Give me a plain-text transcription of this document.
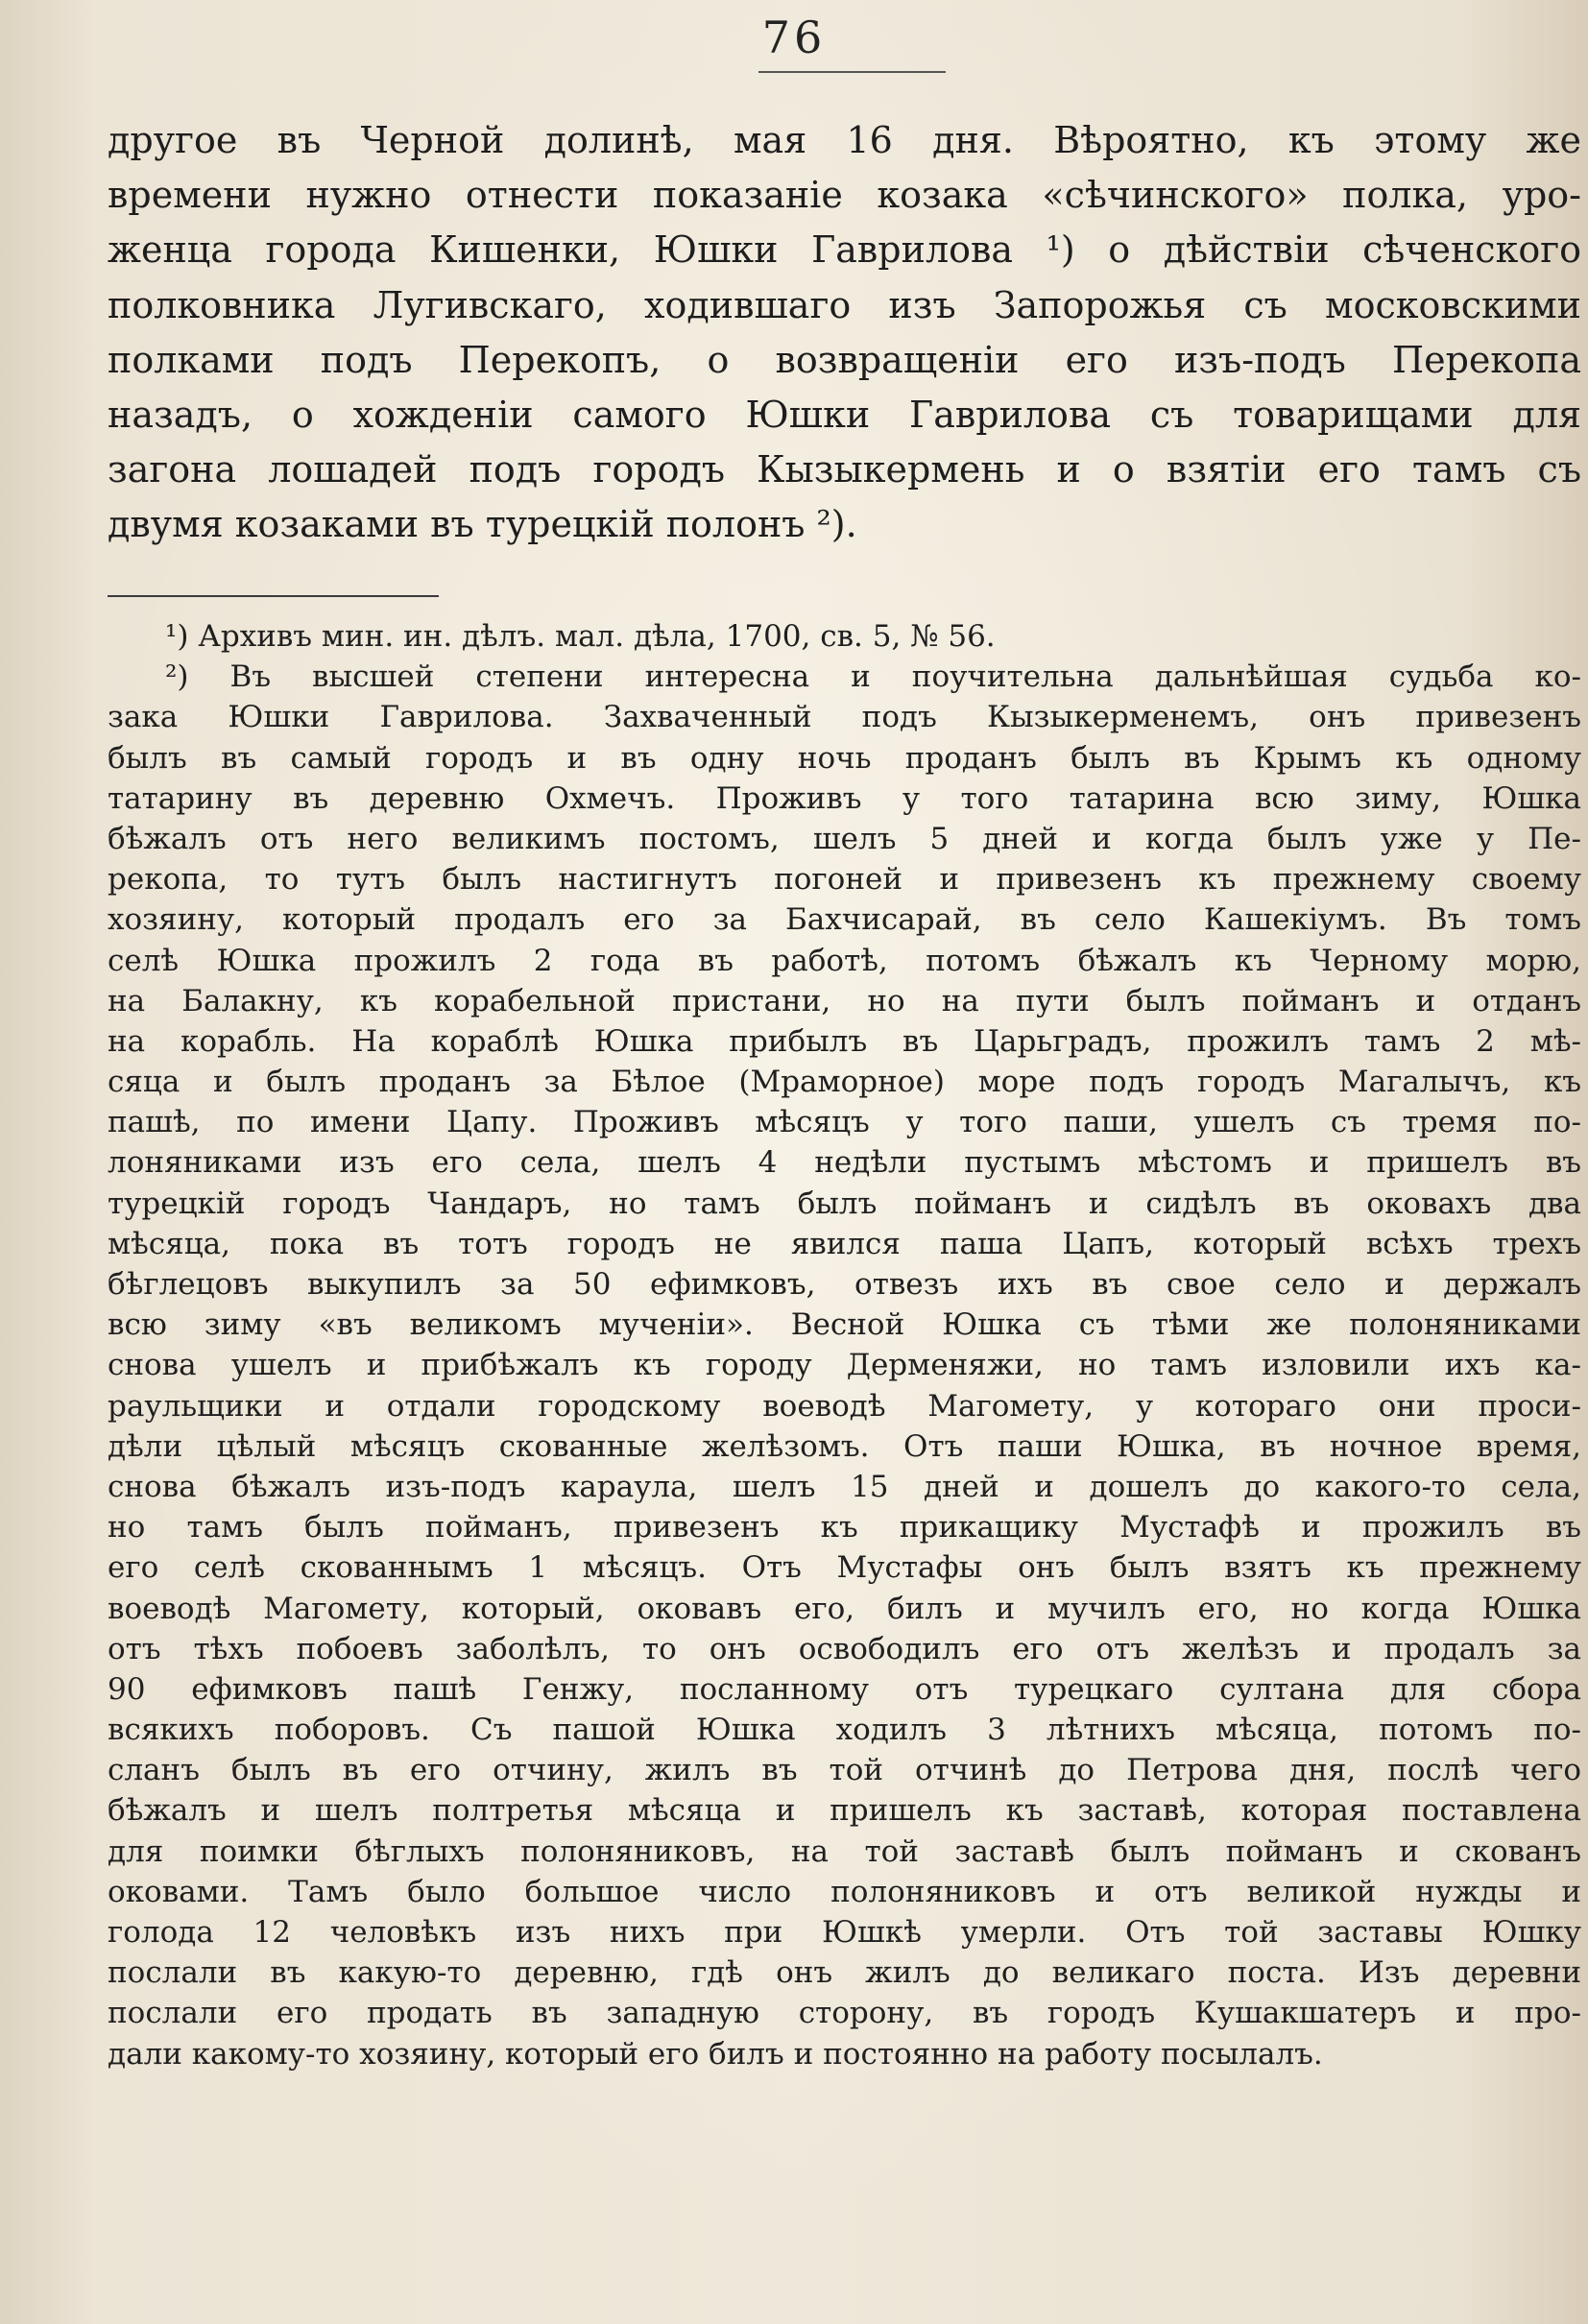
76
другое въ Черной долинѣ, мая 16 дня. Вѣроятно, къ этому же
времени нужно отнести показаніе козака «сѣчинского» полка, уро-
женца города Кишенки, Юшки Гаврилова ¹) о дѣйствіи сѣченского
полковника Лугивскаго, ходившаго изъ Запорожья съ московскими
полками подъ Перекопъ, о возвращеніи его изъ-подъ Перекопа
назадъ, о хожденіи самого Юшки Гаврилова съ товарищами для
загона лошадей подъ городъ Кызыкермень и о взятіи его тамъ съ
двумя козаками въ турецкій полонъ ²).
¹) Архивъ мин. ин. дѣлъ. мал. дѣла, 1700, св. 5, № 56.
²) Въ высшей степени интересна и поучительна дальнѣйшая судьба ко-
зака Юшки Гаврилова. Захваченный подъ Кызыкерменемъ, онъ привезенъ
былъ въ самый городъ и въ одну ночь проданъ былъ въ Крымъ къ одному
татарину въ деревню Охмечъ. Проживъ у того татарина всю зиму, Юшка
бѣжалъ отъ него великимъ постомъ, шелъ 5 дней и когда былъ уже у Пе-
рекопа, то тутъ былъ настигнутъ погоней и привезенъ къ прежнему своему
хозяину, который продалъ его за Бахчисарай, въ село Кашекіумъ. Въ томъ
селѣ Юшка прожилъ 2 года въ работѣ, потомъ бѣжалъ къ Черному морю,
на Балакну, къ корабельной пристани, но на пути былъ пойманъ и отданъ
на корабль. На кораблѣ Юшка прибылъ въ Царьградъ, прожилъ тамъ 2 мѣ-
сяца и былъ проданъ за Бѣлое (Мраморное) море подъ городъ Магалычъ, къ
пашѣ, по имени Цапу. Проживъ мѣсяцъ у того паши, ушелъ съ тремя по-
лоняниками изъ его села, шелъ 4 недѣли пустымъ мѣстомъ и пришелъ въ
турецкій городъ Чандаръ, но тамъ былъ пойманъ и сидѣлъ въ оковахъ два
мѣсяца, пока въ тотъ городъ не явился паша Цапъ, который всѣхъ трехъ
бѣглецовъ выкупилъ за 50 ефимковъ, отвезъ ихъ въ свое село и держалъ
всю зиму «въ великомъ мученіи». Весной Юшка съ тѣми же полоняниками
снова ушелъ и прибѣжалъ къ городу Дерменяжи, но тамъ изловили ихъ ка-
раульщики и отдали городскому воеводѣ Магомету, у котораго они проси-
дѣли цѣлый мѣсяцъ скованные желѣзомъ. Отъ паши Юшка, въ ночное время,
снова бѣжалъ изъ-подъ караула, шелъ 15 дней и дошелъ до какого-то села,
но тамъ былъ пойманъ, привезенъ къ прикащику Мустафѣ и прожилъ въ
его селѣ скованнымъ 1 мѣсяцъ. Отъ Мустафы онъ былъ взятъ къ прежнему
воеводѣ Магомету, который, оковавъ его, билъ и мучилъ его, но когда Юшка
отъ тѣхъ побоевъ заболѣлъ, то онъ освободилъ его отъ желѣзъ и продалъ за
90 ефимковъ пашѣ Генжу, посланному отъ турецкаго султана для сбора
всякихъ поборовъ. Съ пашой Юшка ходилъ 3 лѣтнихъ мѣсяца, потомъ по-
сланъ былъ въ его отчину, жилъ въ той отчинѣ до Петрова дня, послѣ чего
бѣжалъ и шелъ полтретья мѣсяца и пришелъ къ заставѣ, которая поставлена
для поимки бѣглыхъ полоняниковъ, на той заставѣ былъ пойманъ и скованъ
оковами. Тамъ было большое число полоняниковъ и отъ великой нужды и
голода 12 человѣкъ изъ нихъ при Юшкѣ умерли. Отъ той заставы Юшку
послали въ какую-то деревню, гдѣ онъ жилъ до великаго поста. Изъ деревни
послали его продать въ западную сторону, въ городъ Кушакшатеръ и про-
дали какому-то хозяину, который его билъ и постоянно на работу посылалъ.
